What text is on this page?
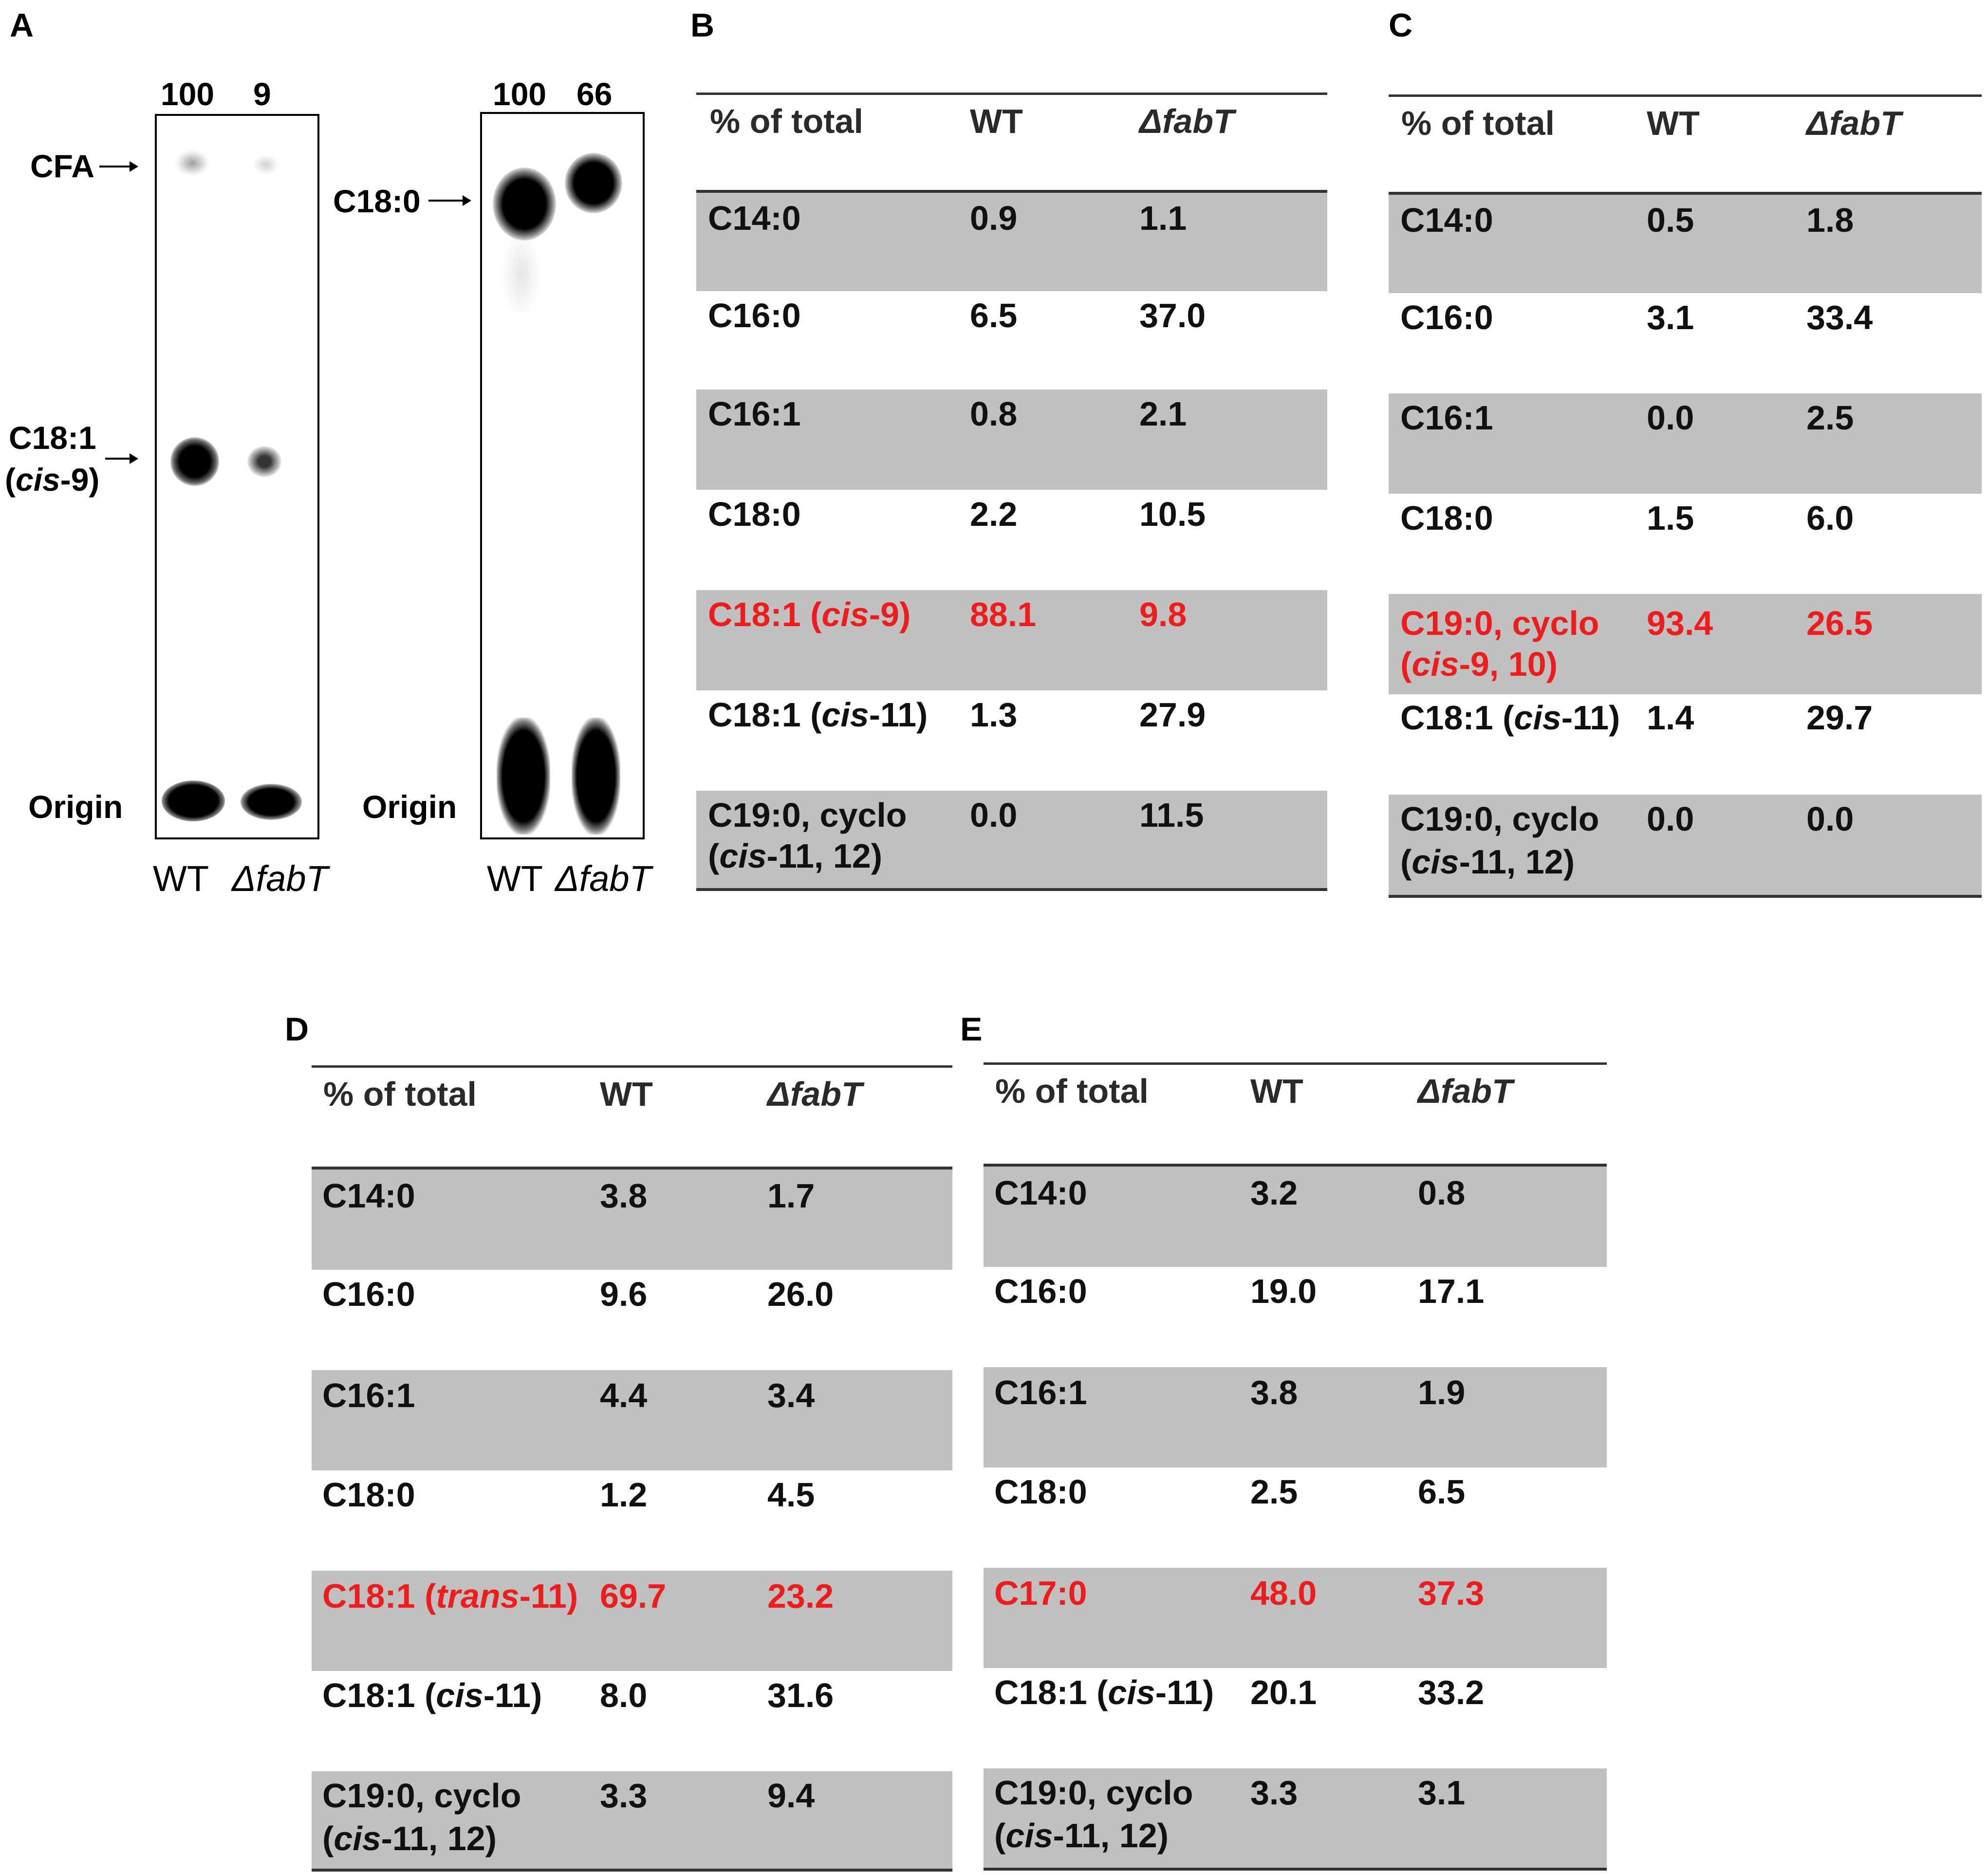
A	B	C
D	E
100 9
CFA
C18:1
(cis-9)
Origin
WT ΔfabT
100 66
C18:0
Origin
WT ΔfabT
% of total	WT	ΔfabT
C14:0	0.9	1.1
C16:0	6.5	37.0
C16:1	0.8	2.1
C18:0	2.2	10.5
C18:1 (cis-9) 88.1	9.8
C18:1 (cis-11) 1.3	27.9
C19:0, cyclo
(cis-11, 12)
0.0	11.5
% of total	WT	ΔfabT
C14:0	0.5	1.8
C16:0	3.1	33.4
C16:1	0.0	2.5
C18:0	1.5	6.0
C19:0, cyclo
(cis-9, 10)
93.4	26.5
C18:1 (cis-11) 1.4	29.7
C19:0, cyclo
(cis-11, 12)
0.0	0.0
% of total	WT	ΔfabT
C14:0	3.8	1.7
C16:0	9.6	26.0
C16:1	4.4	3.4
C18:0	1.2	4.5
C18:1 (trans-11) 69.7	23.2
C18:1 (cis-11) 8.0	31.6
C19:0, cyclo
(cis-11, 12)
3.3	9.4
% of total	WT	ΔfabT
C14:0	3.2	0.8
C16:0	19.0	17.1
C16:1	3.8	1.9
C18:0	2.5	6.5
C17:0	48.0	37.3
C18:1 (cis-11) 20.1	33.2
C19:0, cyclo
(cis-11, 12)
3.3	3.1
